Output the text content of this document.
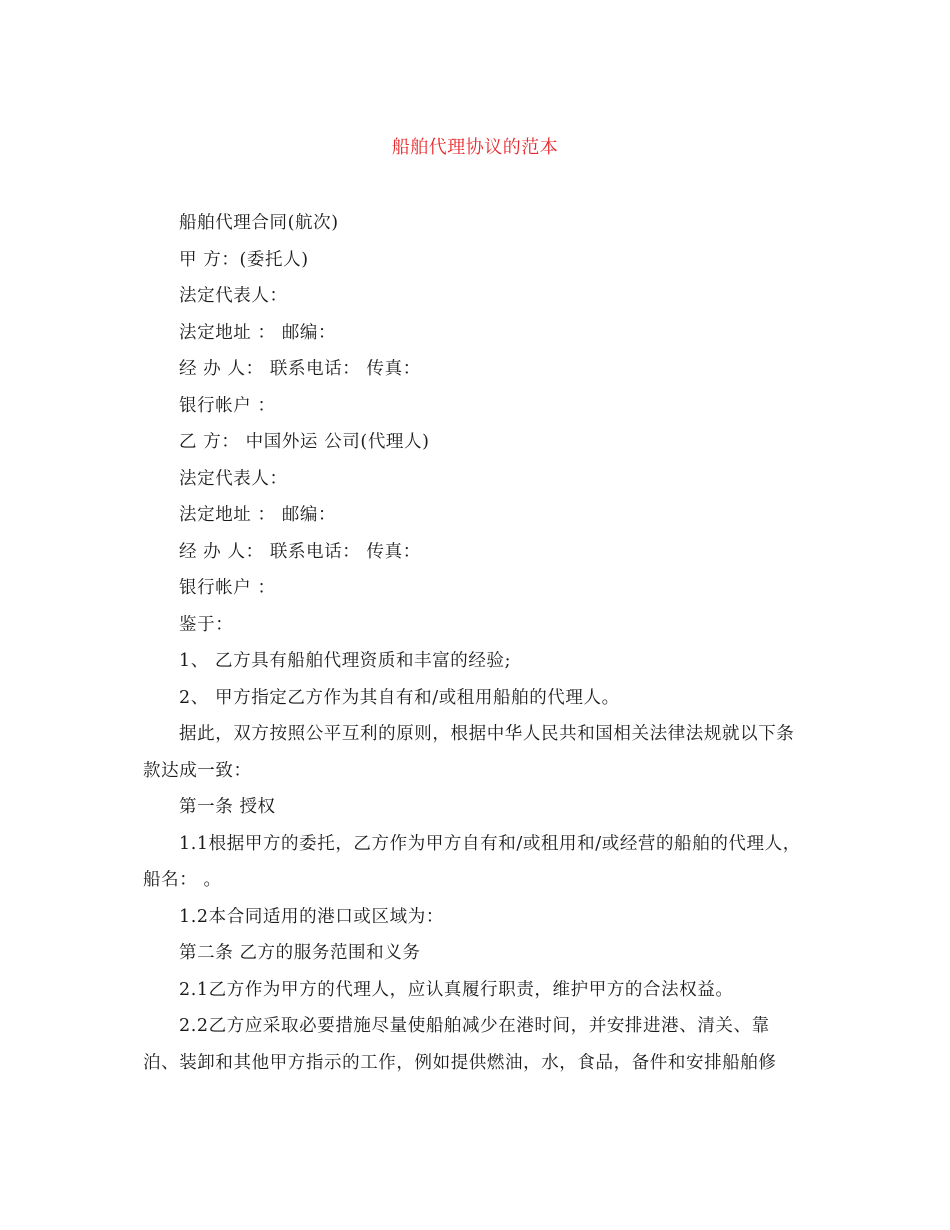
船舶代理协议的范本

船舶代理合同(航次)

甲 方：(委托人)

法定代表人：

法定地址 ： 邮编：

经 办 人： 联系电话： 传真：

银行帐户 ：

乙 方： 中国外运 公司(代理人)

法定代表人：

法定地址 ： 邮编：

经 办 人： 联系电话： 传真：

银行帐户 ：

鉴于：

1、 乙方具有船舶代理资质和丰富的经验;

2、 甲方指定乙方作为其自有和/或租用船舶的代理人。

据此，双方按照公平互利的原则，根据中华人民共和国相关法律法规就以下条款达成一致：

第一条 授权

1.1根据甲方的委托，乙方作为甲方自有和/或租用和/或经营的船舶的代理人，船名： 。

1.2本合同适用的港口或区域为：

第二条 乙方的服务范围和义务

2.1乙方作为甲方的代理人，应认真履行职责，维护甲方的合法权益。

2.2乙方应采取必要措施尽量使船舶减少在港时间，并安排进港、清关、靠泊、装卸和其他甲方指示的工作，例如提供燃油，水，食品，备件和安排船舶修
